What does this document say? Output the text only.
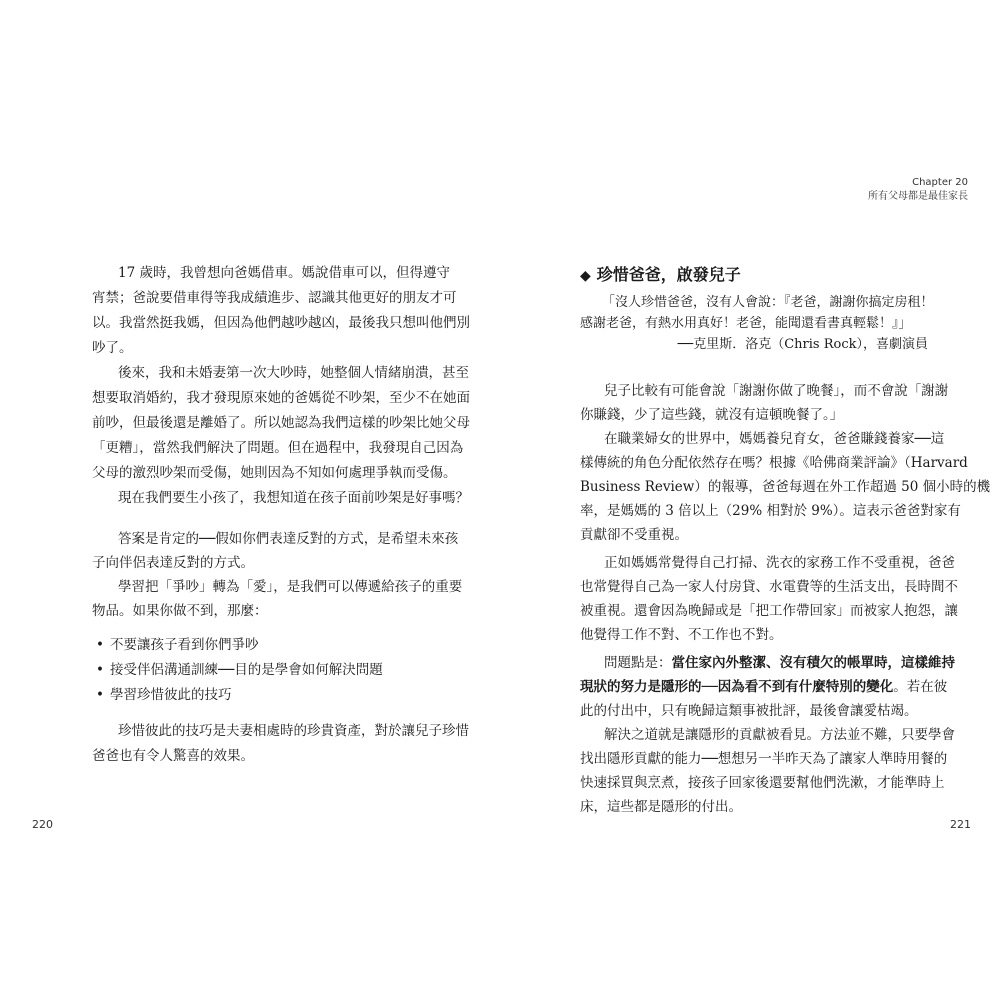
Chapter 20
所有父母都是最佳家長
17 歲時，我曾想向爸媽借車。媽說借車可以，但得遵守
宵禁；爸說要借車得等我成績進步、認識其他更好的朋友才可
以。我當然挺我媽，但因為他們越吵越凶，最後我只想叫他們別
吵了。
後來，我和未婚妻第一次大吵時，她整個人情緒崩潰，甚至
想要取消婚約，我才發現原來她的爸媽從不吵架，至少不在她面
前吵，但最後還是離婚了。所以她認為我們這樣的吵架比她父母
「更糟」，當然我們解決了問題。但在過程中，我發現自己因為
父母的激烈吵架而受傷，她則因為不知如何處理爭執而受傷。
現在我們要生小孩了，我想知道在孩子面前吵架是好事嗎？
答案是肯定的──假如你們表達反對的方式，是希望未來孩
子向伴侶表達反對的方式。
學習把「爭吵」轉為「愛」，是我們可以傳遞給孩子的重要
物品。如果你做不到，那麼：
• 不要讓孩子看到你們爭吵
• 接受伴侶溝通訓練──目的是學會如何解決問題
• 學習珍惜彼此的技巧
珍惜彼此的技巧是夫妻相處時的珍貴資產，對於讓兒子珍惜
爸爸也有令人驚喜的效果。
220
◆ 珍惜爸爸，啟發兒子
「沒人珍惜爸爸，沒有人會說：『老爸，謝謝你搞定房租！
感謝老爸，有熱水用真好！老爸，能聞還看書真輕鬆！』」
──克里斯．洛克（Chris Rock），喜劇演員
兒子比較有可能會說「謝謝你做了晚餐」，而不會說「謝謝
你賺錢，少了這些錢，就沒有這頓晚餐了。」
在職業婦女的世界中，媽媽養兒育女，爸爸賺錢養家──這
樣傳統的角色分配依然存在嗎？根據《哈佛商業評論》（Harvard
Business Review）的報導，爸爸每週在外工作超過 50 個小時的機
率，是媽媽的 3 倍以上（29% 相對於 9%）。這表示爸爸對家有
貢獻卻不受重視。
正如媽媽常覺得自己打掃、洗衣的家務工作不受重視，爸爸
也常覺得自己為一家人付房貸、水電費等的生活支出，長時間不
被重視。還會因為晚歸或是「把工作帶回家」而被家人抱怨，讓
他覺得工作不對、不工作也不對。
問題點是：當住家內外整潔、沒有積欠的帳單時，這樣維持
現狀的努力是隱形的──因為看不到有什麼特別的變化。若在彼
此的付出中，只有晚歸這類事被批評，最後會讓愛枯竭。
解決之道就是讓隱形的貢獻被看見。方法並不難，只要學會
找出隱形貢獻的能力──想想另一半昨天為了讓家人準時用餐的
快速採買與烹煮，接孩子回家後還要幫他們洗漱，才能準時上
床，這些都是隱形的付出。
221
